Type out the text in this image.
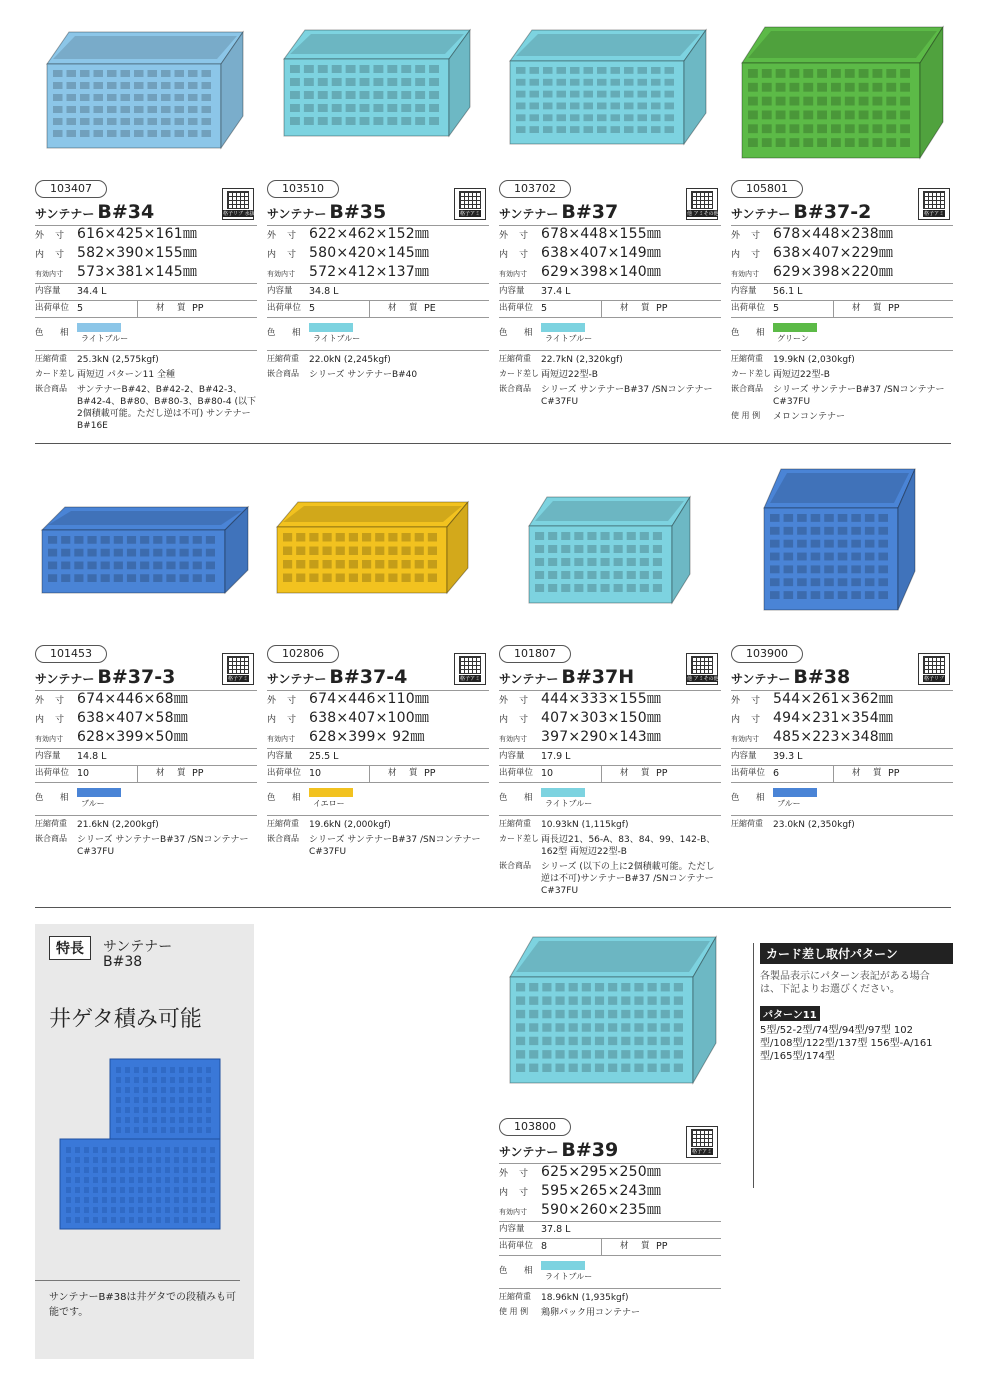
103407
サンテナー B#34
外　寸 616×425×161㎜
内　寸 582×390×155㎜
有効内寸	573×381×145㎜
内容量	34.4 L
出荷単位 5	材　質 PP
色　相
ライトブルー
圧縮荷重	25.3kN (2,575kgf)
カード差し 両短辺 パターン11 全種
嵌合商品	サンテナーB#42、B#42-2、B#42-3、B#42-4、B#80、B#80-3、B#80-4 (以下2個積載可能。ただし逆は不可) サンテナーB#16E
格子リブ 水抜き孔有
103510
サンテナー B#35
外　寸 622×462×152㎜
内　寸 580×420×145㎜
有効内寸	572×412×137㎜
内容量	34.8 L
出荷単位 5	材　質 PE
色　相
ライトブルー
圧縮荷重	22.0kN (2,245kgf)
嵌合商品	シリーズ サンテナーB#40
格子アミ
103702
サンテナー B#37
外　寸 678×448×155㎜
内　寸 638×407×149㎜
有効内寸	629×398×140㎜
内容量	37.4 L
出荷単位 5	材　質 PP
色　相
ライトブルー
圧縮荷重	22.7kN (2,320kgf)
カード差し 両短辺22型-B
嵌合商品	シリーズ サンテナーB#37 /SNコンテナーC#37FU
他 アミその他
105801
サンテナー B#37-2
外　寸 678×448×238㎜
内　寸 638×407×229㎜
有効内寸	629×398×220㎜
内容量	56.1 L
出荷単位 5	材　質 PP
色　相
グリーン
圧縮荷重	19.9kN (2,030kgf)
カード差し 両短辺22型-B
嵌合商品	シリーズ サンテナーB#37 /SNコンテナーC#37FU
使 用 例	メロンコンテナー
格子アミ
101453
サンテナー B#37-3
外　寸 674×446×68㎜
内　寸 638×407×58㎜
有効内寸	628×399×50㎜
内容量	14.8 L
出荷単位 10	材　質 PP
色　相
ブルー
圧縮荷重	21.6kN (2,200kgf)
嵌合商品	シリーズ サンテナーB#37 /SNコンテナーC#37FU
格子アミ
102806
サンテナー B#37-4
外　寸 674×446×110㎜
内　寸 638×407×100㎜
有効内寸	628×399× 92㎜
内容量	25.5 L
出荷単位 10	材　質 PP
色　相
イエロー
圧縮荷重	19.6kN (2,000kgf)
嵌合商品	シリーズ サンテナーB#37 /SNコンテナーC#37FU
格子アミ
101807
サンテナー B#37H
外　寸 444×333×155㎜
内　寸 407×303×150㎜
有効内寸	397×290×143㎜
内容量	17.9 L
出荷単位 10	材　質 PP
色　相
ライトブルー
圧縮荷重	10.93kN (1,115kgf)
カード差し 両長辺21、56-A、83、84、99、142-B、162型 両短辺22型-B
嵌合商品	シリーズ (以下の上に2個積載可能。ただし逆は不可)サンテナーB#37 /SNコンテナーC#37FU
他 アミその他
103900
サンテナー B#38
外　寸 544×261×362㎜
内　寸 494×231×354㎜
有効内寸	485×223×348㎜
内容量	39.3 L
出荷単位 6	材　質 PP
色　相
ブルー
圧縮荷重	23.0kN (2,350kgf)
格子リブ
103800
サンテナー B#39
外　寸 625×295×250㎜
内　寸 595×265×243㎜
有効内寸	590×260×235㎜
内容量	37.8 L
出荷単位 8	材　質 PP
色　相
ライトブルー
圧縮荷重	18.96kN (1,935kgf)
使 用 例	鶏卵パック用コンテナー
格子アミ
特長	サンテナー
B#38
井ゲタ積み可能
サンテナーB#38は井ゲタでの段積みも可能です。
カード差し取付パターン
各製品表示にパターン表記がある場合は、下記よりお選びください。
パターン11
5型/52-2型/74型/94型/97型 102型/108型/122型/137型 156型-A/161型/165型/174型
